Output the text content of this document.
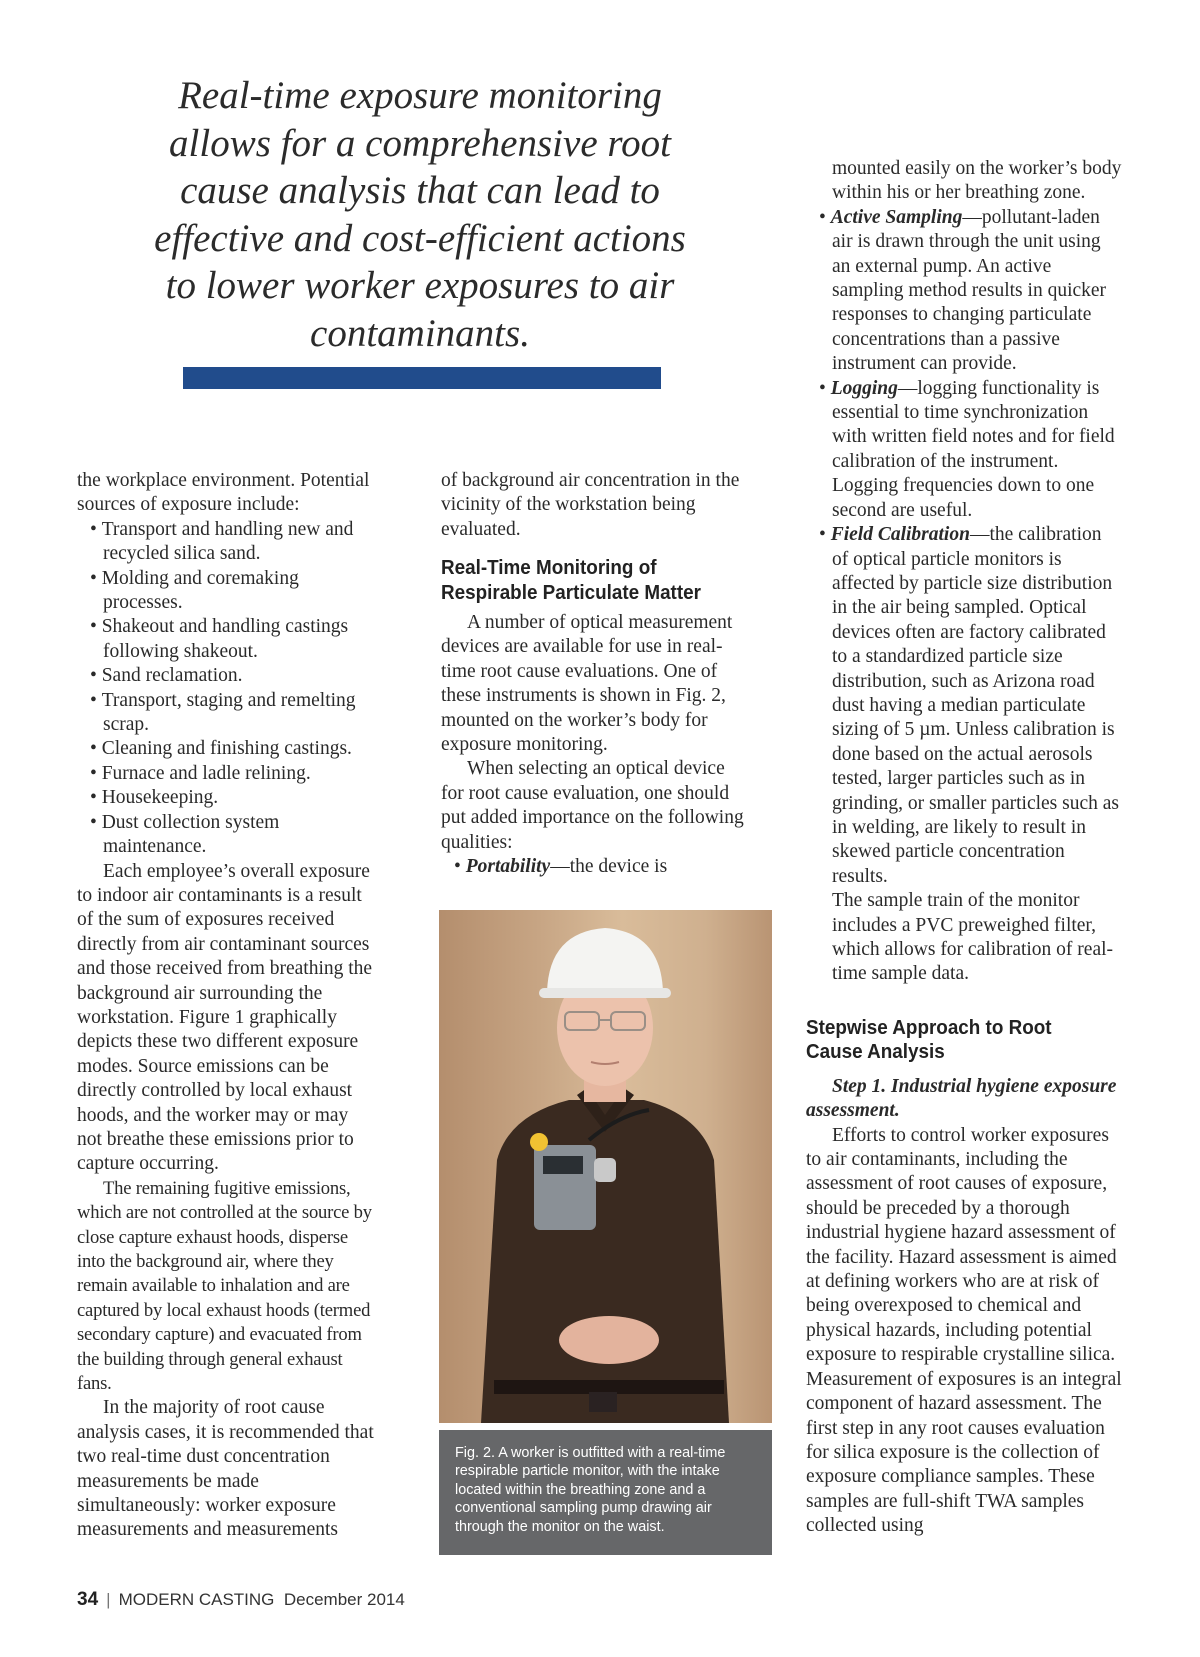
Real-time exposure monitoring allows for a comprehensive root cause analysis that can lead to effective and cost-efficient actions to lower worker exposures to air contaminants.

the workplace environment. Potential sources of exposure include:

• Transport and handling new and recycled silica sand.
• Molding and coremaking processes.
• Shakeout and handling castings following shakeout.
• Sand reclamation.
• Transport, staging and remelting scrap.
• Cleaning and finishing castings.
• Furnace and ladle relining.
• Housekeeping.
• Dust collection system maintenance.

Each employee’s overall exposure to indoor air contaminants is a result of the sum of exposures received directly from air contaminant sources and those received from breathing the background air surrounding the workstation. Figure 1 graphically depicts these two different exposure modes. Source emissions can be directly controlled by local exhaust hoods, and the worker may or may not breathe these emissions prior to capture occurring.

The remaining fugitive emissions, which are not controlled at the source by close capture exhaust hoods, disperse into the background air, where they remain available to inhalation and are captured by local exhaust hoods (termed secondary capture) and evacuated from the building through general exhaust fans.

In the majority of root cause analysis cases, it is recommended that two real-time dust concentration measurements be made simultaneously: worker exposure measurements and measurements

of background air concentration in the vicinity of the workstation being evaluated.

Real-Time Monitoring of
Respirable Particulate Matter

A number of optical measurement devices are available for use in real-time root cause evaluations. One of these instruments is shown in Fig. 2, mounted on the worker’s body for exposure monitoring.

When selecting an optical device for root cause evaluation, one should put added importance on the following qualities:

• Portability—the device is
Fig. 2. A worker is outfitted with a real-time respirable particle monitor, with the intake located within the breathing zone and a conventional sampling pump drawing air through the monitor on the waist.

mounted easily on the worker’s body within his or her breathing zone.

• Active Sampling—pollutant-laden air is drawn through the unit using an external pump. An active sampling method results in quicker responses to changing particulate concentrations than a passive instrument can provide.
• Logging—logging functionality is essential to time synchronization with written field notes and for field calibration of the instrument. Logging frequencies down to one second are useful.
• Field Calibration—the calibration of optical particle monitors is affected by particle size distribution in the air being sampled. Optical devices often are factory calibrated to a standardized particle size distribution, such as Arizona road dust having a median particulate sizing of 5 µm. Unless calibration is done based on the actual aerosols tested, larger particles such as in grinding, or smaller particles such as in welding, are likely to result in skewed particle concentration results.

The sample train of the monitor includes a PVC preweighed filter, which allows for calibration of real-time sample data.

Stepwise Approach to Root
Cause Analysis

Step 1. Industrial hygiene exposure assessment.

Efforts to control worker exposures to air contaminants, including the assessment of root causes of exposure, should be preceded by a thorough industrial hygiene hazard assessment of the facility. Hazard assessment is aimed at defining workers who are at risk of being overexposed to chemical and physical hazards, including potential exposure to respirable crystalline silica. Measurement of exposures is an integral component of hazard assessment. The first step in any root causes evaluation for silica exposure is the collection of exposure compliance samples. These samples are full-shift TWA samples collected using

34 | MODERN CASTING December 2014
